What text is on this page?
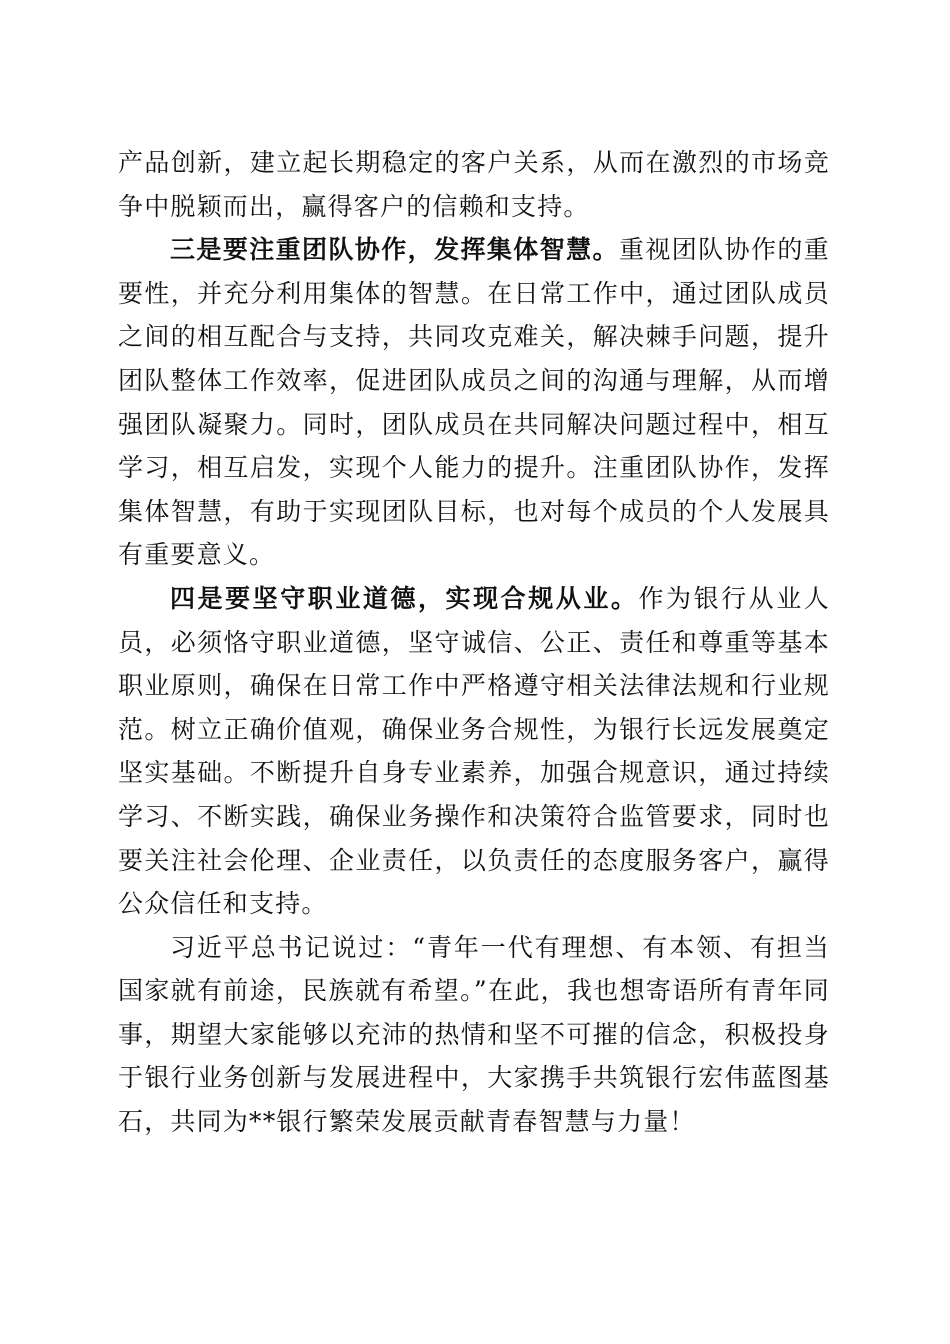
产品创新，建立起长期稳定的客户关系，从而在激烈的市场竞争中脱颖而出，赢得客户的信赖和支持。

三是要注重团队协作，发挥集体智慧。重视团队协作的重要性，并充分利用集体的智慧。在日常工作中，通过团队成员之间的相互配合与支持，共同攻克难关，解决棘手问题，提升团队整体工作效率，促进团队成员之间的沟通与理解，从而增强团队凝聚力。同时，团队成员在共同解决问题过程中，相互学习，相互启发，实现个人能力的提升。注重团队协作，发挥集体智慧，有助于实现团队目标，也对每个成员的个人发展具有重要意义。

四是要坚守职业道德，实现合规从业。作为银行从业人员，必须恪守职业道德，坚守诚信、公正、责任和尊重等基本职业原则，确保在日常工作中严格遵守相关法律法规和行业规范。树立正确价值观，确保业务合规性，为银行长远发展奠定坚实基础。不断提升自身专业素养，加强合规意识，通过持续学习、不断实践，确保业务操作和决策符合监管要求，同时也要关注社会伦理、企业责任，以负责任的态度服务客户，赢得公众信任和支持。

习近平总书记说过：“青年一代有理想、有本领、有担当国家就有前途，民族就有希望。”在此，我也想寄语所有青年同事，期望大家能够以充沛的热情和坚不可摧的信念，积极投身于银行业务创新与发展进程中，大家携手共筑银行宏伟蓝图基石，共同为**银行繁荣发展贡献青春智慧与力量！
